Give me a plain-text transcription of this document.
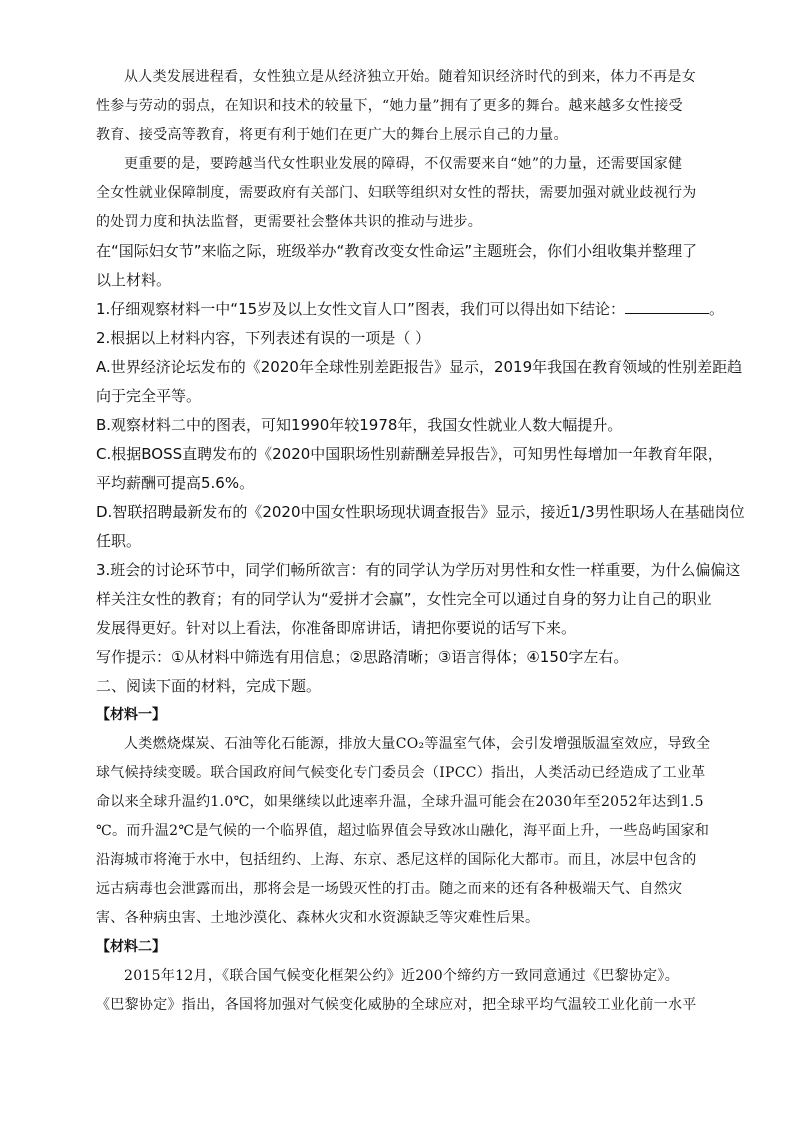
从人类发展进程看，女性独立是从经济独立开始。随着知识经济时代的到来，体力不再是女
性参与劳动的弱点，在知识和技术的较量下，“她力量”拥有了更多的舞台。越来越多女性接受
教育、接受高等教育，将更有利于她们在更广大的舞台上展示自己的力量。
更重要的是，要跨越当代女性职业发展的障碍，不仅需要来自“她”的力量，还需要国家健
全女性就业保障制度，需要政府有关部门、妇联等组织对女性的帮扶，需要加强对就业歧视行为
的处罚力度和执法监督，更需要社会整体共识的推动与进步。
在“国际妇女节”来临之际，班级举办“教育改变女性命运”主题班会，你们小组收集并整理了
以上材料。
1.仔细观察材料一中“15岁及以上女性文盲人口”图表，我们可以得出如下结论：	。
2.根据以上材料内容，下列表述有误的一项是（ ）
A.世界经济论坛发布的《2020年全球性别差距报告》显示，2019年我国在教育领域的性别差距趋
向于完全平等。
B.观察材料二中的图表，可知1990年较1978年，我国女性就业人数大幅提升。
C.根据BOSS直聘发布的《2020中国职场性别薪酬差异报告》，可知男性每增加一年教育年限，
平均薪酬可提高5.6%。
D.智联招聘最新发布的《2020中国女性职场现状调查报告》显示，接近1/3男性职场人在基础岗位
任职。
3.班会的讨论环节中，同学们畅所欲言：有的同学认为学历对男性和女性一样重要，为什么偏偏这
样关注女性的教育；有的同学认为“爱拼才会赢”，女性完全可以通过自身的努力让自己的职业
发展得更好。针对以上看法，你准备即席讲话，请把你要说的话写下来。
写作提示：①从材料中筛选有用信息；②思路清晰；③语言得体；④150字左右。
二、阅读下面的材料，完成下题。
【材料一】
人类燃烧煤炭、石油等化石能源，排放大量CO₂等温室气体，会引发增强版温室效应，导致全
球气候持续变暖。联合国政府间气候变化专门委员会（IPCC）指出，人类活动已经造成了工业革
命以来全球升温约1.0℃，如果继续以此速率升温，全球升温可能会在2030年至2052年达到1.5
℃。而升温2℃是气候的一个临界值，超过临界值会导致冰山融化，海平面上升，一些岛屿国家和
沿海城市将淹于水中，包括纽约、上海、东京、悉尼这样的国际化大都市。而且，冰层中包含的
远古病毒也会泄露而出，那将会是一场毁灭性的打击。随之而来的还有各种极端天气、自然灾
害、各种病虫害、土地沙漠化、森林火灾和水资源缺乏等灾难性后果。
【材料二】
2015年12月，《联合国气候变化框架公约》近200个缔约方一致同意通过《巴黎协定》。
《巴黎协定》指出，各国将加强对气候变化威胁的全球应对，把全球平均气温较工业化前一水平
